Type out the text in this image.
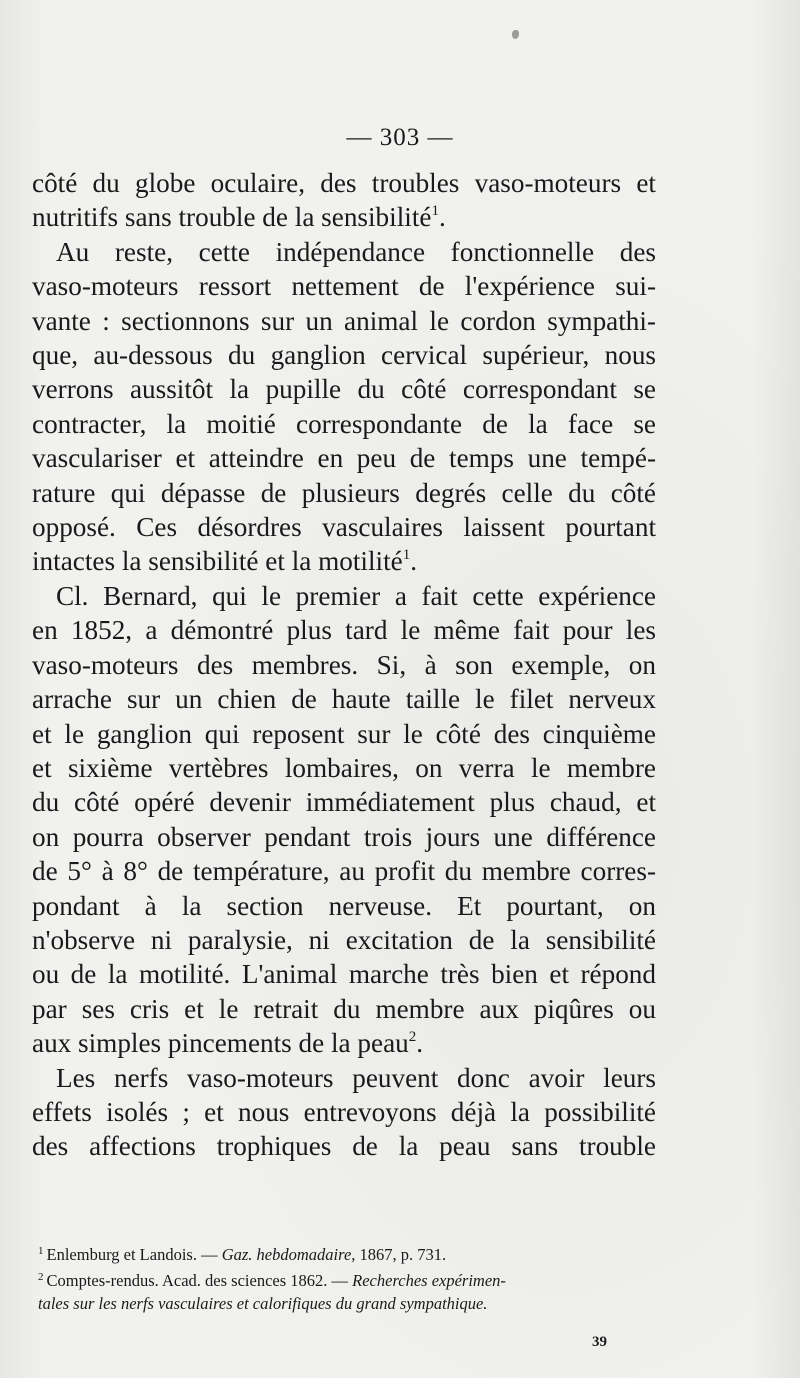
— 303 —

côté du globe oculaire, des troubles vaso-moteurs et
nutritifs sans trouble de la sensibilité$^1$.

Au reste, cette indépendance fonctionnelle des
vaso-moteurs ressort nettement de l'expérience sui-
vante : sectionnons sur un animal le cordon sympathi-
que, au-dessous du ganglion cervical supérieur, nous
verrons aussitôt la pupille du côté correspondant se
contracter, la moitié correspondante de la face se
vasculariser et atteindre en peu de temps une tempé-
rature qui dépasse de plusieurs degrés celle du côté
opposé. Ces désordres vasculaires laissent pourtant
intactes la sensibilité et la motilité$^1$.

Cl. Bernard, qui le premier a fait cette expérience
en 1852, a démontré plus tard le même fait pour les
vaso-moteurs des membres. Si, à son exemple, on
arrache sur un chien de haute taille le filet nerveux
et le ganglion qui reposent sur le côté des cinquième
et sixième vertèbres lombaires, on verra le membre
du côté opéré devenir immédiatement plus chaud, et
on pourra observer pendant trois jours une différence
de 5° à 8° de température, au profit du membre corres-
pondant à la section nerveuse. Et pourtant, on
n'observe ni paralysie, ni excitation de la sensibilité
ou de la motilité. L'animal marche très bien et répond
par ses cris et le retrait du membre aux piqûres ou
aux simples pincements de la peau$^2$.

Les nerfs vaso-moteurs peuvent donc avoir leurs
effets isolés ; et nous entrevoyons déjà la possibilité
des affections trophiques de la peau sans trouble

$^1$ Enlemburg et Landois. — Gaz. hebdomadaire, 1867, p. 731.
$^2$ Comptes-rendus. Acad. des sciences 1862. — Recherches expérimen-
tales sur les nerfs vasculaires et calorifiques du grand sympathique.
39
